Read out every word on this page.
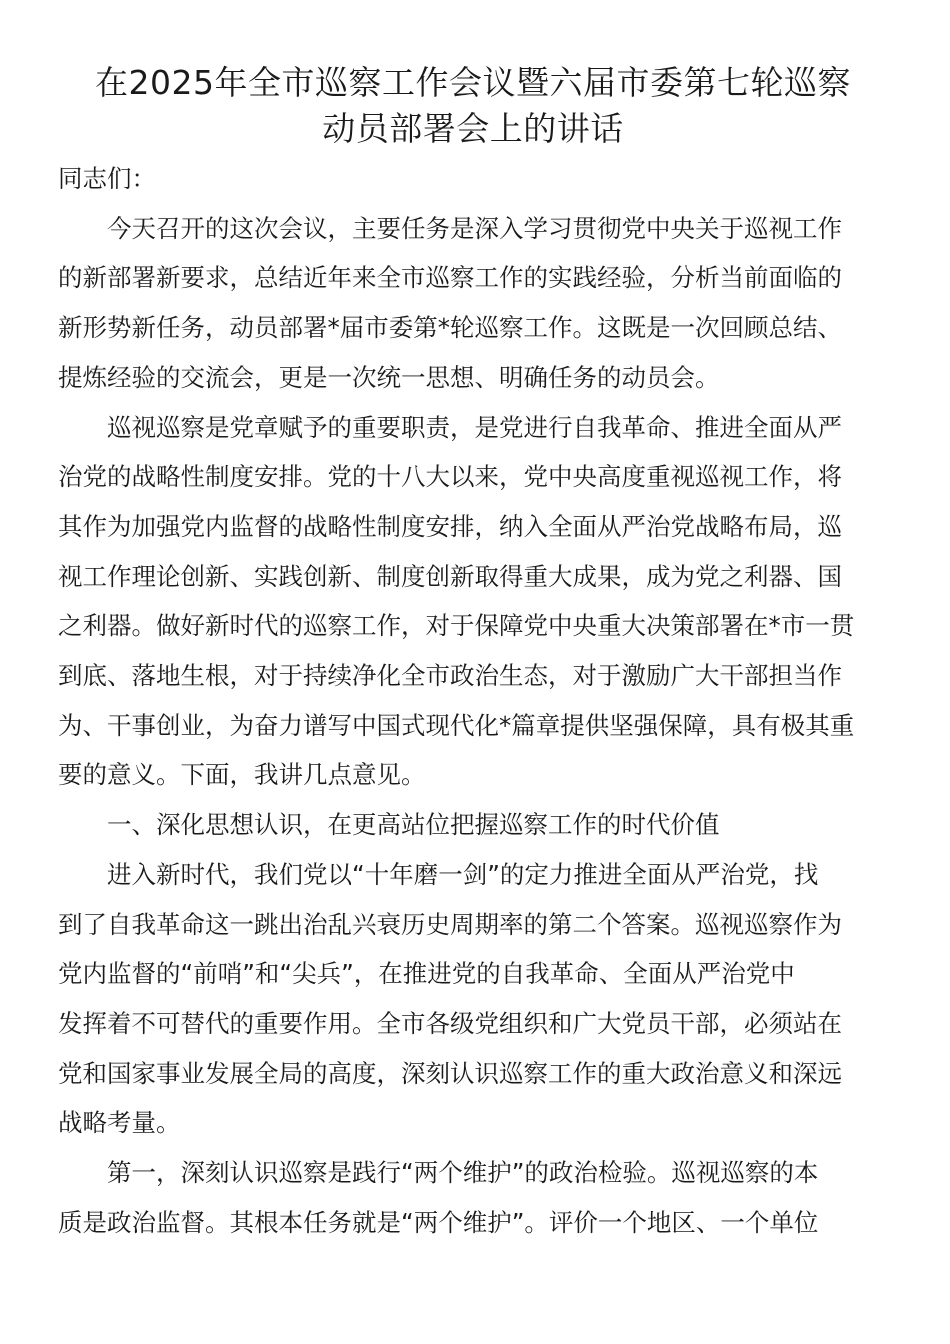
在2025年全市巡察工作会议暨六届市委第七轮巡察
动员部署会上的讲话

同志们：

今天召开的这次会议，主要任务是深入学习贯彻党中央关于巡视工作
的新部署新要求，总结近年来全市巡察工作的实践经验，分析当前面临的
新形势新任务，动员部署*届市委第*轮巡察工作。这既是一次回顾总结、
提炼经验的交流会，更是一次统一思想、明确任务的动员会。

巡视巡察是党章赋予的重要职责，是党进行自我革命、推进全面从严
治党的战略性制度安排。党的十八大以来，党中央高度重视巡视工作，将
其作为加强党内监督的战略性制度安排，纳入全面从严治党战略布局，巡
视工作理论创新、实践创新、制度创新取得重大成果，成为党之利器、国
之利器。做好新时代的巡察工作，对于保障党中央重大决策部署在*市一贯
到底、落地生根，对于持续净化全市政治生态，对于激励广大干部担当作
为、干事创业，为奋力谱写中国式现代化*篇章提供坚强保障，具有极其重
要的意义。下面，我讲几点意见。

一、深化思想认识，在更高站位把握巡察工作的时代价值

进入新时代，我们党以“十年磨一剑”的定力推进全面从严治党，找
到了自我革命这一跳出治乱兴衰历史周期率的第二个答案。巡视巡察作为
党内监督的“前哨”和“尖兵”，在推进党的自我革命、全面从严治党中
发挥着不可替代的重要作用。全市各级党组织和广大党员干部，必须站在
党和国家事业发展全局的高度，深刻认识巡察工作的重大政治意义和深远
战略考量。

第一，深刻认识巡察是践行“两个维护”的政治检验。巡视巡察的本
质是政治监督。其根本任务就是“两个维护”。评价一个地区、一个单位
